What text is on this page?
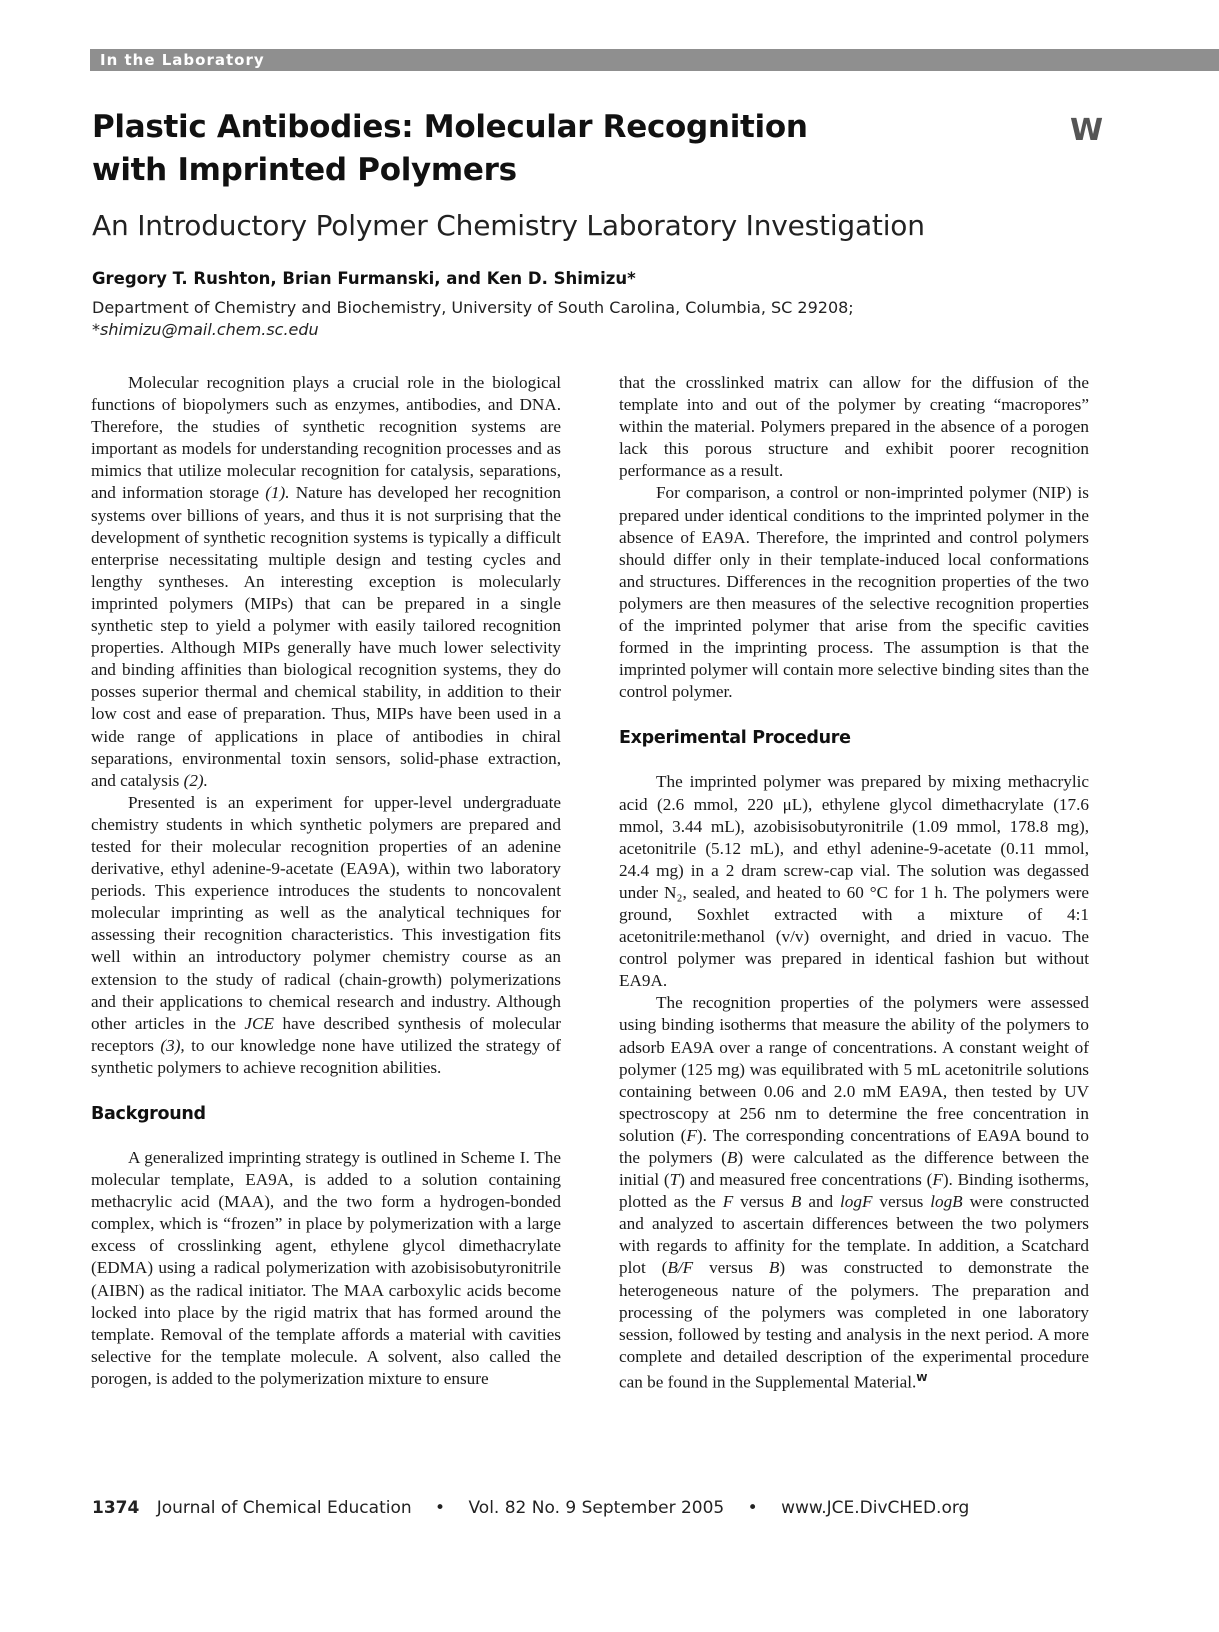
In the Laboratory
Plastic Antibodies: Molecular Recognition
with Imprinted Polymers
W
An Introductory Polymer Chemistry Laboratory Investigation

Gregory T. Rushton, Brian Furmanski, and Ken D. Shimizu*

Department of Chemistry and Biochemistry, University of South Carolina, Columbia, SC 29208;

*shimizu@mail.chem.sc.edu

Molecular recognition plays a crucial role in the biological functions of biopolymers such as enzymes, antibodies, and DNA. Therefore, the studies of synthetic recognition systems are important as models for understanding recognition processes and as mimics that utilize molecular recognition for catalysis, separations, and information storage (1). Nature has developed her recognition systems over billions of years, and thus it is not surprising that the development of synthetic recognition systems is typically a difficult enterprise necessitating multiple design and testing cycles and lengthy syntheses. An interesting exception is molecularly imprinted polymers (MIPs) that can be prepared in a single synthetic step to yield a polymer with easily tailored recognition properties. Although MIPs generally have much lower selectivity and binding affinities than biological recognition systems, they do posses superior thermal and chemical stability, in addition to their low cost and ease of preparation. Thus, MIPs have been used in a wide range of applications in place of antibodies in chiral separations, environmental toxin sensors, solid-phase extraction, and catalysis (2).

Presented is an experiment for upper-level undergraduate chemistry students in which synthetic polymers are prepared and tested for their molecular recognition properties of an adenine derivative, ethyl adenine-9-acetate (EA9A), within two laboratory periods. This experience introduces the students to noncovalent molecular imprinting as well as the analytical techniques for assessing their recognition characteristics. This investigation fits well within an introductory polymer chemistry course as an extension to the study of radical (chain-growth) polymerizations and their applications to chemical research and industry. Although other articles in the JCE have described synthesis of molecular receptors (3), to our knowledge none have utilized the strategy of synthetic polymers to achieve recognition abilities.

Background

A generalized imprinting strategy is outlined in Scheme I. The molecular template, EA9A, is added to a solution containing methacrylic acid (MAA), and the two form a hydrogen-bonded complex, which is “frozen” in place by polymerization with a large excess of crosslinking agent, ethylene glycol dimethacrylate (EDMA) using a radical polymerization with azobisisobutyronitrile (AIBN) as the radical initiator. The MAA carboxylic acids become locked into place by the rigid matrix that has formed around the template. Removal of the template affords a material with cavities selective for the template molecule. A solvent, also called the porogen, is added to the polymerization mixture to ensure

that the crosslinked matrix can allow for the diffusion of the template into and out of the polymer by creating “macropores” within the material. Polymers prepared in the absence of a porogen lack this porous structure and exhibit poorer recognition performance as a result.

For comparison, a control or non-imprinted polymer (NIP) is prepared under identical conditions to the imprinted polymer in the absence of EA9A. Therefore, the imprinted and control polymers should differ only in their template-induced local conformations and structures. Differences in the recognition properties of the two polymers are then measures of the selective recognition properties of the imprinted polymer that arise from the specific cavities formed in the imprinting process. The assumption is that the imprinted polymer will contain more selective binding sites than the control polymer.

Experimental Procedure

The imprinted polymer was prepared by mixing methacrylic acid (2.6 mmol, 220 μL), ethylene glycol dimethacrylate (17.6 mmol, 3.44 mL), azobisisobutyronitrile (1.09 mmol, 178.8 mg), acetonitrile (5.12 mL), and ethyl adenine-9-acetate (0.11 mmol, 24.4 mg) in a 2 dram screw-cap vial. The solution was degassed under N₂, sealed, and heated to 60 °C for 1 h. The polymers were ground, Soxhlet extracted with a mixture of 4:1 acetonitrile:methanol (v/v) overnight, and dried in vacuo. The control polymer was prepared in identical fashion but without EA9A.

The recognition properties of the polymers were assessed using binding isotherms that measure the ability of the polymers to adsorb EA9A over a range of concentrations. A constant weight of polymer (125 mg) was equilibrated with 5 mL acetonitrile solutions containing between 0.06 and 2.0 mM EA9A, then tested by UV spectroscopy at 256 nm to determine the free concentration in solution (F). The corresponding concentrations of EA9A bound to the polymers (B) were calculated as the difference between the initial (T) and measured free concentrations (F). Binding isotherms, plotted as the F versus B and logF versus logB were constructed and analyzed to ascertain differences between the two polymers with regards to affinity for the template. In addition, a Scatchard plot (B/F versus B) was constructed to demonstrate the heterogeneous nature of the polymers. The preparation and processing of the polymers was completed in one laboratory session, followed by testing and analysis in the next period. A more complete and detailed description of the experimental procedure can be found in the Supplemental Material.$^W$

1374 Journal of Chemical Education • Vol. 82 No. 9 September 2005 • www.JCE.DivCHED.org
